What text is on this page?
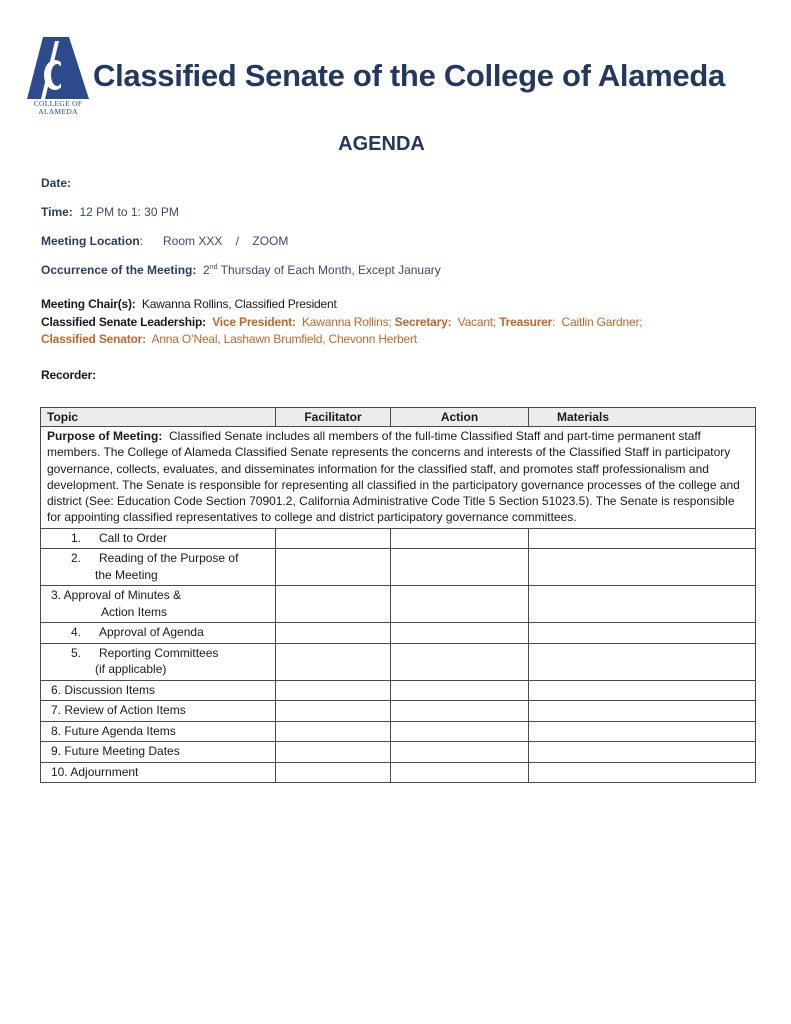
COLLEGE OF
ALAMEDA
Classified Senate of the College of Alameda
AGENDA
Date:
Time: 12 PM to 1: 30 PM
Meeting Location:      Room XXX    /    ZOOM
Occurrence of the Meeting: 2nd Thursday of Each Month, Except January
Meeting Chair(s): Kawanna Rollins, Classified President
Classified Senate Leadership: Vice President: Kawanna Rollins; Secretary: Vacant; Treasurer: Caitlin Gardner;
Classified Senator: Anna O’Neal, Lashawn Brumfield, Chevonn Herbert
Recorder:
Topic	Facilitator	Action	Materials
Purpose of Meeting: Classified Senate includes all members of the full-time Classified Staff and part-time permanent staff members. The College of Alameda Classified Senate represents the concerns and interests of the Classified Staff in participatory governance, collects, evaluates, and disseminates information for the classified staff, and promotes staff professionalism and development. The Senate is responsible for representing all classified in the participatory governance processes of the college and district (See: Education Code Section 70901.2, California Administrative Code Title 5 Section 51023.5). The Senate is responsible for appointing classified representatives to college and district participatory governance committees.			

1. Call to Order			

2. Reading of the Purpose of
the Meeting			

3. Approval of Minutes &
Action Items			

4. Approval of Agenda			

5. Reporting Committees
(if applicable)			

6. Discussion Items			

7. Review of Action Items			

8. Future Agenda Items			

9. Future Meeting Dates			

10. Adjournment			
